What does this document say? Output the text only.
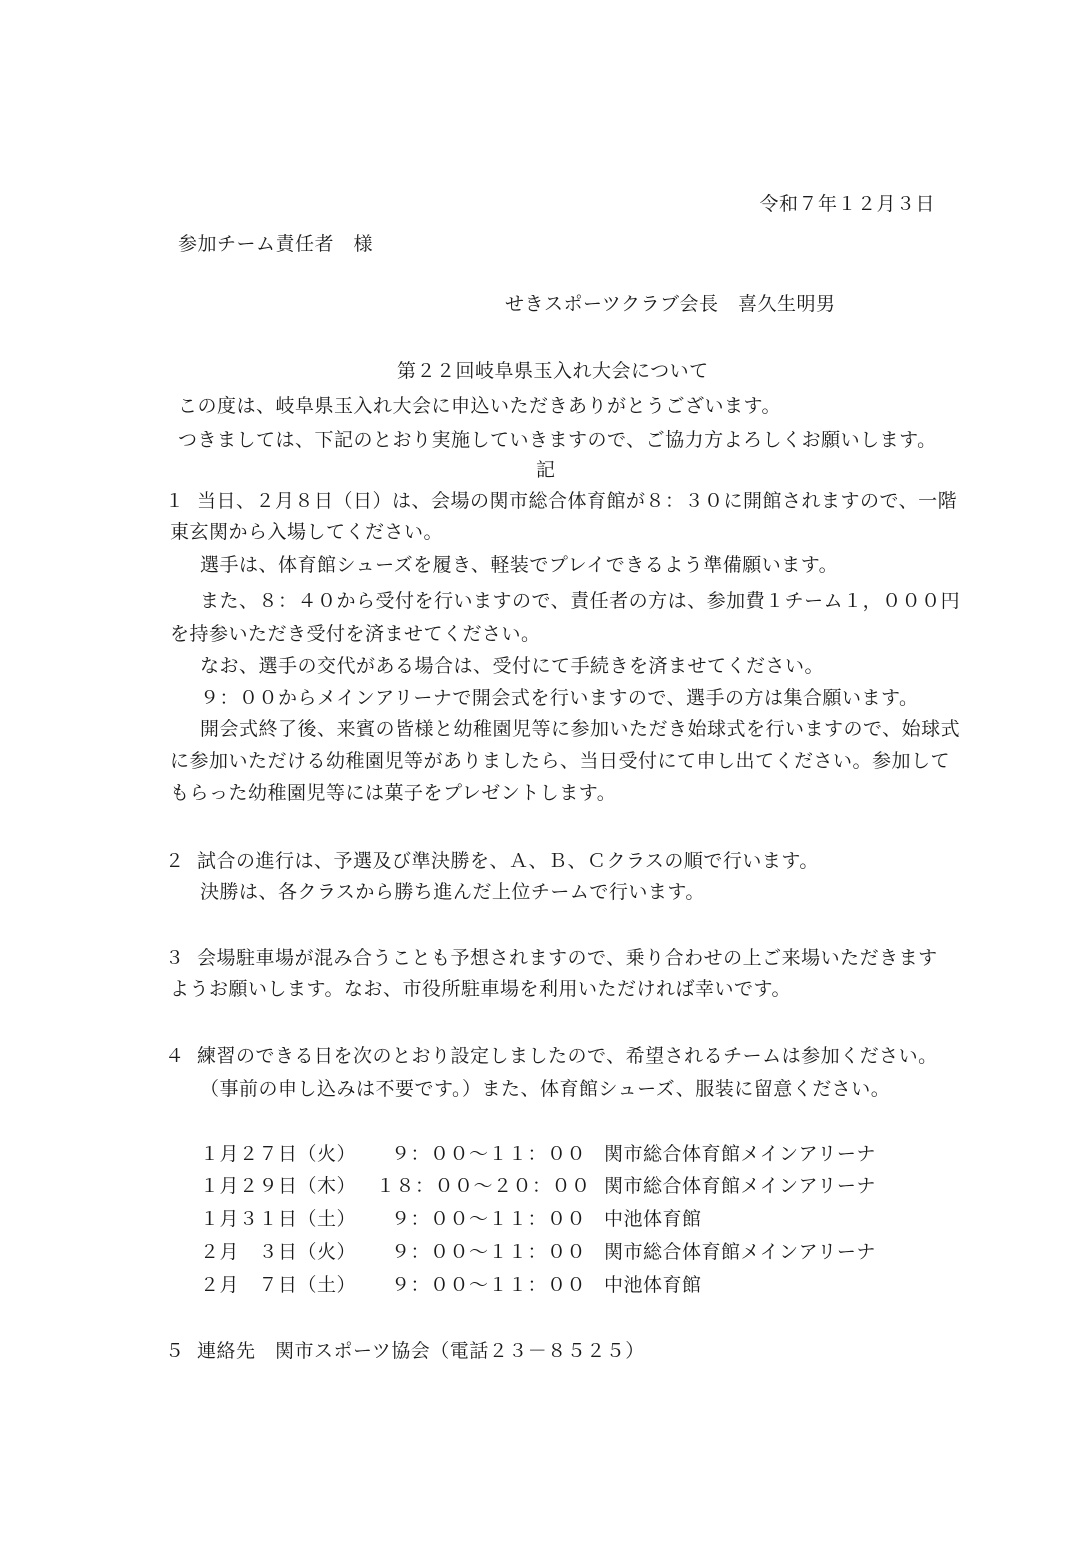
令和７年１２月３日
参加チーム責任者　様
せきスポーツクラブ会長　喜久生明男
第２２回岐阜県玉入れ大会について
この度は、岐阜県玉入れ大会に申込いただきありがとうございます。
つきましては、下記のとおり実施していきますので、ご協力方よろしくお願いします。
記
１ 当日、２月８日（日）は、会場の関市総合体育館が８：３０に開館されますので、一階
東玄関から入場してください。
選手は、体育館シューズを履き、軽装でプレイできるよう準備願います。
また、８：４０から受付を行いますので、責任者の方は、参加費１チーム１，０００円
を持参いただき受付を済ませてください。
なお、選手の交代がある場合は、受付にて手続きを済ませてください。
９：００からメインアリーナで開会式を行いますので、選手の方は集合願います。
開会式終了後、来賓の皆様と幼稚園児等に参加いただき始球式を行いますので、始球式
に参加いただける幼稚園児等がありましたら、当日受付にて申し出てください。参加して
もらった幼稚園児等には菓子をプレゼントします。
２ 試合の進行は、予選及び準決勝を、Ａ、Ｂ、Ｃクラスの順で行います。
決勝は、各クラスから勝ち進んだ上位チームで行います。
３ 会場駐車場が混み合うことも予想されますので、乗り合わせの上ご来場いただきます
ようお願いします。なお、市役所駐車場を利用いただければ幸いです。
４ 練習のできる日を次のとおり設定しましたので、希望されるチームは参加ください。
（事前の申し込みは不要です。）また、体育館シューズ、服装に留意ください。
１月２７日（火）	９：００～１１：００ 関市総合体育館メインアリーナ
１月２９日（木） １８：００～２０：００ 関市総合体育館メインアリーナ
１月３１日（土）	９：００～１１：００ 中池体育館
２月　３日（火）	９：００～１１：００ 関市総合体育館メインアリーナ
２月　７日（土）	９：００～１１：００ 中池体育館
５ 連絡先　関市スポーツ協会（電話２３－８５２５）
